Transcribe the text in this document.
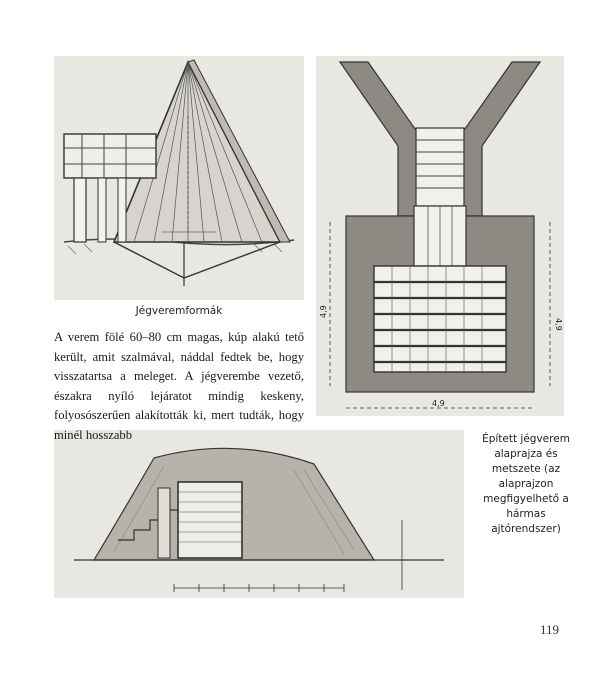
Jégveremformák	4,9
4,9
4,9

A verem fölé 60–80 cm magas, kúp alakú tető került, amit szalmával, náddal fedtek be, hogy visszatartsa a meleget. A jégverembe vezető, északra nyíló lejáratot mindig keskeny, folyosószerűen alakították ki, mert tudták, hogy minél hosszabb	Épített jégverem alaprajza és metszete (az alaprajzon megfigyelhető a hármas ajtórendszer)
119
